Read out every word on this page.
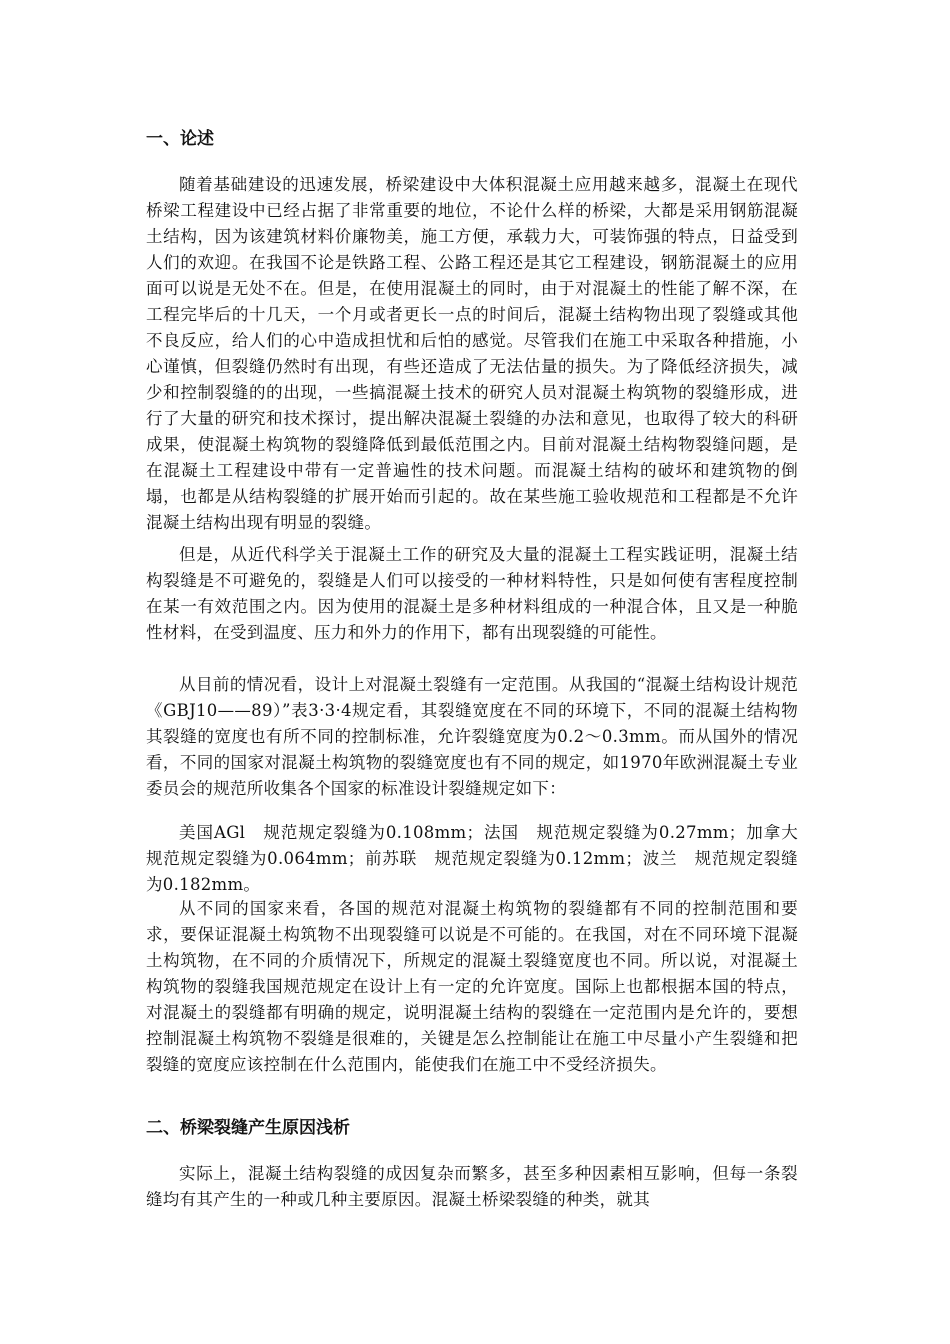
一、论述

随着基础建设的迅速发展，桥梁建设中大体积混凝土应用越来越多，混凝土在现代桥梁工程建设中已经占据了非常重要的地位，不论什么样的桥梁，大都是采用钢筋混凝土结构，因为该建筑材料价廉物美，施工方便，承载力大，可装饰强的特点，日益受到人们的欢迎。在我国不论是铁路工程、公路工程还是其它工程建设，钢筋混凝土的应用面可以说是无处不在。但是，在使用混凝土的同时，由于对混凝土的性能了解不深，在工程完毕后的十几天，一个月或者更长一点的时间后，混凝土结构物出现了裂缝或其他不良反应，给人们的心中造成担忧和后怕的感觉。尽管我们在施工中采取各种措施，小心谨慎，但裂缝仍然时有出现，有些还造成了无法估量的损失。为了降低经济损失，减少和控制裂缝的的出现，一些搞混凝土技术的研究人员对混凝土构筑物的裂缝形成，进行了大量的研究和技术探讨，提出解决混凝土裂缝的办法和意见，也取得了较大的科研成果，使混凝土构筑物的裂缝降低到最低范围之内。目前对混凝土结构物裂缝问题，是在混凝土工程建设中带有一定普遍性的技术问题。而混凝土结构的破坏和建筑物的倒塌，也都是从结构裂缝的扩展开始而引起的。故在某些施工验收规范和工程都是不允许混凝土结构出现有明显的裂缝。

但是，从近代科学关于混凝土工作的研究及大量的混凝土工程实践证明，混凝土结构裂缝是不可避免的，裂缝是人们可以接受的一种材料特性，只是如何使有害程度控制在某一有效范围之内。因为使用的混凝土是多种材料组成的一种混合体，且又是一种脆性材料，在受到温度、压力和外力的作用下，都有出现裂缝的可能性。

从目前的情况看，设计上对混凝土裂缝有一定范围。从我国的“混凝土结构设计规范《GBJ10——89）”表3·3·4规定看，其裂缝宽度在不同的环境下，不同的混凝土结构物其裂缝的宽度也有所不同的控制标准，允许裂缝宽度为0.2～0.3mm。而从国外的情况看，不同的国家对混凝土构筑物的裂缝宽度也有不同的规定，如1970年欧洲混凝土专业委员会的规范所收集各个国家的标准设计裂缝规定如下：

美国AGl　规范规定裂缝为0.108mm；法国　规范规定裂缝为0.27mm；加拿大　规范规定裂缝为0.064mm；前苏联　规范规定裂缝为0.12mm；波兰　规范规定裂缝为0.182mm。

从不同的国家来看，各国的规范对混凝土构筑物的裂缝都有不同的控制范围和要求，要保证混凝土构筑物不出现裂缝可以说是不可能的。在我国，对在不同环境下混凝土构筑物，在不同的介质情况下，所规定的混凝土裂缝宽度也不同。所以说，对混凝土构筑物的裂缝我国规范规定在设计上有一定的允许宽度。国际上也都根据本国的特点，对混凝土的裂缝都有明确的规定，说明混凝土结构的裂缝在一定范围内是允许的，要想控制混凝土构筑物不裂缝是很难的，关键是怎么控制能让在施工中尽量小产生裂缝和把裂缝的宽度应该控制在什么范围内，能使我们在施工中不受经济损失。

二、桥梁裂缝产生原因浅析

实际上，混凝土结构裂缝的成因复杂而繁多，甚至多种因素相互影响，但每一条裂缝均有其产生的一种或几种主要原因。混凝土桥梁裂缝的种类，就其
